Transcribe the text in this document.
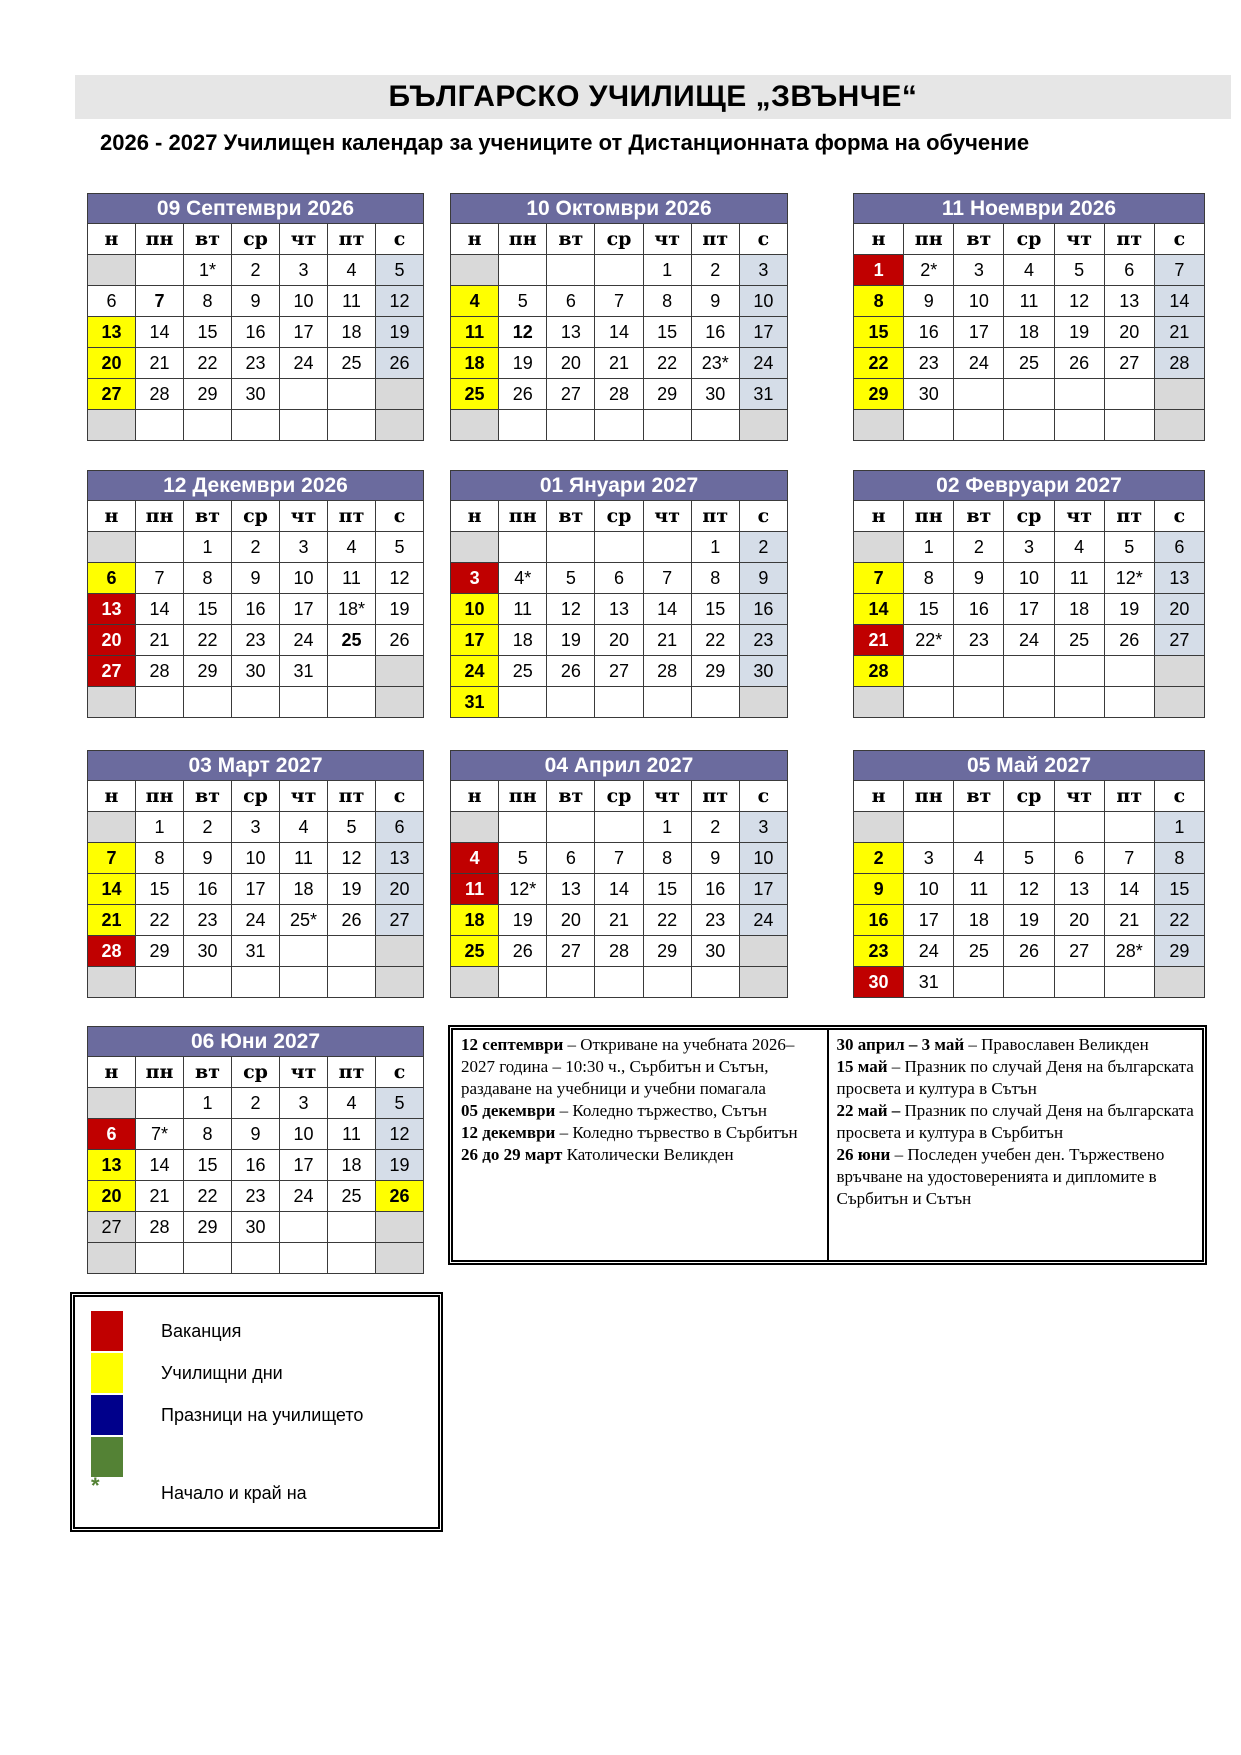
БЪЛГАРСКО УЧИЛИЩЕ „ЗВЪНЧЕ“
2026 - 2027 Училищен календар за учениците от Дистанционната форма на обучение
09 Септември 2026						
н	пн	вт	ср	чт	пт	с
		1*	2	3	4	5
6	7	8	9	10	11	12
13	14	15	16	17	18	19
20	21	22	23	24	25	26
27	28	29	30			

10 Октомври 2026						
н	пн	вт	ср	чт	пт	с
				1	2	3
4	5	6	7	8	9	10
11	12	13	14	15	16	17
18	19	20	21	22	23*	24
25	26	27	28	29	30	31

11 Ноември 2026						
н	пн	вт	ср	чт	пт	с
1	2*	3	4	5	6	7
8	9	10	11	12	13	14
15	16	17	18	19	20	21
22	23	24	25	26	27	28
29	30					

12 Декември 2026						
н	пн	вт	ср	чт	пт	с
		1	2	3	4	5
6	7	8	9	10	11	12
13	14	15	16	17	18*	19
20	21	22	23	24	25	26
27	28	29	30	31		

01 Януари 2027						
н	пн	вт	ср	чт	пт	с
					1	2
3	4*	5	6	7	8	9
10	11	12	13	14	15	16
17	18	19	20	21	22	23
24	25	26	27	28	29	30
31						
02 Февруари 2027						
н	пн	вт	ср	чт	пт	с
	1	2	3	4	5	6
7	8	9	10	11	12*	13
14	15	16	17	18	19	20
21	22*	23	24	25	26	27
28						

03 Март 2027						
н	пн	вт	ср	чт	пт	с
	1	2	3	4	5	6
7	8	9	10	11	12	13
14	15	16	17	18	19	20
21	22	23	24	25*	26	27
28	29	30	31			

04 Април 2027						
н	пн	вт	ср	чт	пт	с
				1	2	3
4	5	6	7	8	9	10
11	12*	13	14	15	16	17
18	19	20	21	22	23	24
25	26	27	28	29	30	

05 Май 2027						
н	пн	вт	ср	чт	пт	с
						1
2	3	4	5	6	7	8
9	10	11	12	13	14	15
16	17	18	19	20	21	22
23	24	25	26	27	28*	29
30	31					
06 Юни 2027						
н	пн	вт	ср	чт	пт	с
		1	2	3	4	5
6	7*	8	9	10	11	12
13	14	15	16	17	18	19
20	21	22	23	24	25	26
27	28	29	30			

12 септември – Откриване на учебната 2026–2027 година – 10:30 ч., Сърбитън и Сътън, раздаване на учебници и учебни помагала

05 декември – Коледно тържество, Сътън

12 декември – Коледно тървество в Сърбитън

26 до 29 март Католически Великден

30 април – 3 май – Православен Великден

15 май – Празник по случай Деня на българската просвета и култура в Сътън

22 май – Празник по случай Деня на българската просвета и култура в Сърбитън

26 юни – Последен учебен ден. Тържествено връчване на удостоверенията и дипломите в Сърбитън и Сътън

Ваканция
Училищни дни
Празници на училището
*	Начало и край на
